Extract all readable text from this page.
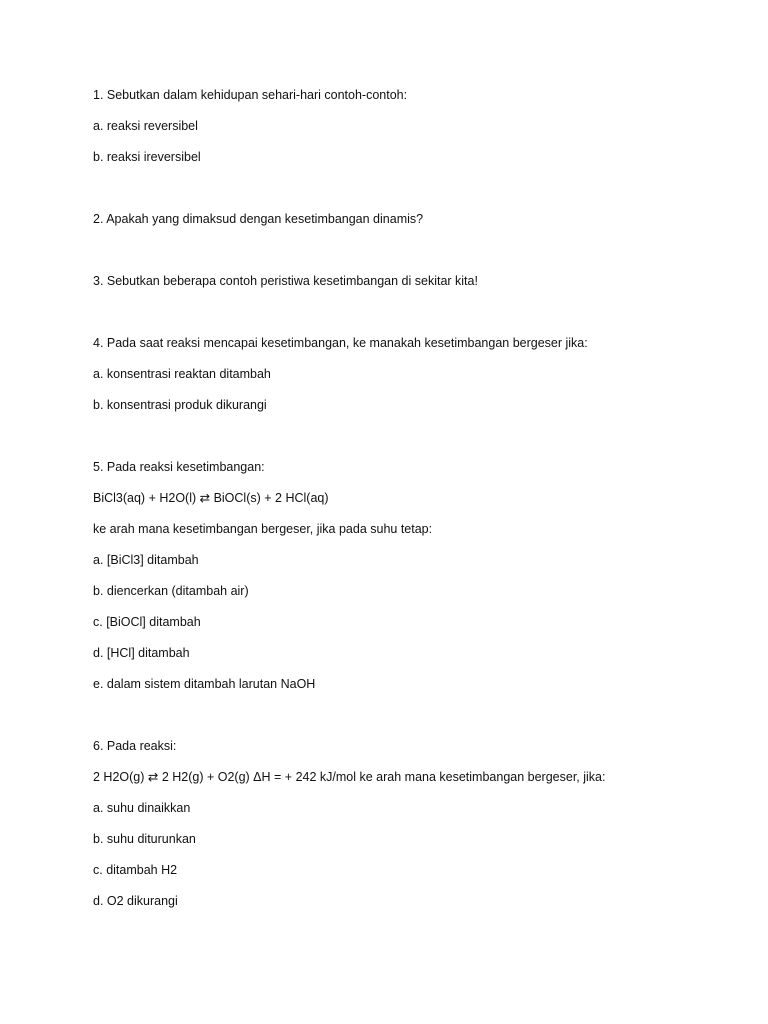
1. Sebutkan dalam kehidupan sehari-hari contoh-contoh:

a. reaksi reversibel

b. reaksi ireversibel

2. Apakah yang dimaksud dengan kesetimbangan dinamis?

3. Sebutkan beberapa contoh peristiwa kesetimbangan di sekitar kita!

4. Pada saat reaksi mencapai kesetimbangan, ke manakah kesetimbangan bergeser jika:

a. konsentrasi reaktan ditambah

b. konsentrasi produk dikurangi

5. Pada reaksi kesetimbangan:

BiCl3(aq) + H2O(l) ⇄ BiOCl(s) + 2 HCl(aq)

ke arah mana kesetimbangan bergeser, jika pada suhu tetap:

a. [BiCl3] ditambah

b. diencerkan (ditambah air)

c. [BiOCl] ditambah

d. [HCl] ditambah

e. dalam sistem ditambah larutan NaOH

6. Pada reaksi:

2 H2O(g) ⇄ 2 H2(g) + O2(g) ΔH = + 242 kJ/mol ke arah mana kesetimbangan bergeser, jika:

a. suhu dinaikkan

b. suhu diturunkan

c. ditambah H2

d. O2 dikurangi
